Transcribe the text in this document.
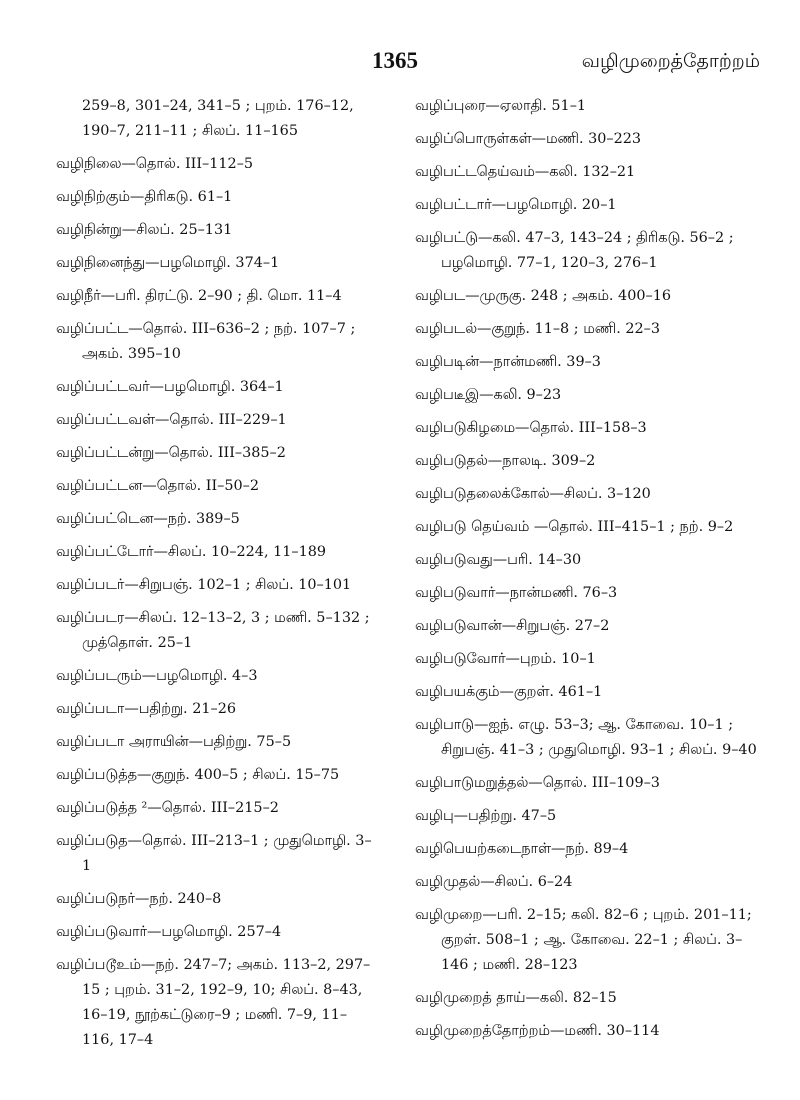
1365	வழிமுறைத்தோற்றம்

259–8, 301–24, 341–5 ; புறம். 176–12, 190–7, 211–11 ; சிலப். 11–165

வழிநிலை—தொல். III–112–5

வழிநிற்கும்—திரிகடு. 61–1

வழிநின்று—சிலப். 25–131

வழிநினைந்து—பழமொழி. 374–1

வழிநீர்—பரி. திரட்டு. 2–90 ; தி. மொ. 11–4

வழிப்பட்ட—தொல். III–636–2 ; நற். 107–7 ; அகம். 395–10

வழிப்பட்டவர்—பழமொழி. 364–1

வழிப்பட்டவள்—தொல். III–229–1

வழிப்பட்டன்று—தொல். III–385–2

வழிப்பட்டன—தொல். II–50–2

வழிப்பட்டென—நற். 389–5

வழிப்பட்டோர்—சிலப். 10–224, 11–189

வழிப்படர்—சிறுபஞ். 102–1 ; சிலப். 10–101

வழிப்படர—சிலப். 12–13–2, 3 ; மணி. 5–132 ; முத்தொள். 25–1

வழிப்படரும்—பழமொழி. 4–3

வழிப்படா—பதிற்று. 21–26

வழிப்படா அராயின்—பதிற்று. 75–5

வழிப்படுத்த—குறுந். 400–5 ; சிலப். 15–75

வழிப்படுத்த ²—தொல். III–215–2

வழிப்படுத—தொல். III–213–1 ; முதுமொழி. 3–1

வழிப்படுநர்—நற். 240–8

வழிப்படுவார்—பழமொழி. 257–4

வழிப்படூஉம்—நற். 247–7; அகம். 113–2, 297–15 ; புறம். 31–2, 192–9, 10; சிலப். 8–43, 16–19, நூற்கட்டுரை–9 ; மணி. 7–9, 11–116, 17–4

வழிப்புரை—ஏலாதி. 51–1

வழிப்பொருள்கள்—மணி. 30–223

வழிபட்டதெய்வம்—கலி. 132–21

வழிபட்டார்—பழமொழி. 20–1

வழிபட்டு—கலி. 47–3, 143–24 ; திரிகடு. 56–2 ; பழமொழி. 77–1, 120–3, 276–1

வழிபட—முருகு. 248 ; அகம். 400–16

வழிபடல்—குறுந். 11–8 ; மணி. 22–3

வழிபடின்—நான்மணி. 39–3

வழிபடீஇ—கலி. 9–23

வழிபடுகிழமை—தொல். III–158–3

வழிபடுதல்—நாலடி. 309–2

வழிபடுதலைக்கோல்—சிலப். 3–120

வழிபடு தெய்வம் —தொல். III–415–1 ; நற். 9–2

வழிபடுவது—பரி. 14–30

வழிபடுவார்—நான்மணி. 76–3

வழிபடுவான்—சிறுபஞ். 27–2

வழிபடுவோர்—புறம். 10–1

வழிபயக்கும்—குறள். 461–1

வழிபாடு—ஐந். எழு. 53–3; ஆ. கோவை. 10–1 ; சிறுபஞ். 41–3 ; முதுமொழி. 93–1 ; சிலப். 9–40

வழிபாடுமறுத்தல்—தொல். III–109–3

வழிபு—பதிற்று. 47–5

வழிபெயற்கடைநாள்—நற். 89–4

வழிமுதல்—சிலப். 6–24

வழிமுறை—பரி. 2–15; கலி. 82–6 ; புறம். 201–11; குறள். 508–1 ; ஆ. கோவை. 22–1 ; சிலப். 3–146 ; மணி. 28–123

வழிமுறைத் தாய்—கலி. 82–15

வழிமுறைத்தோற்றம்—மணி. 30–114
